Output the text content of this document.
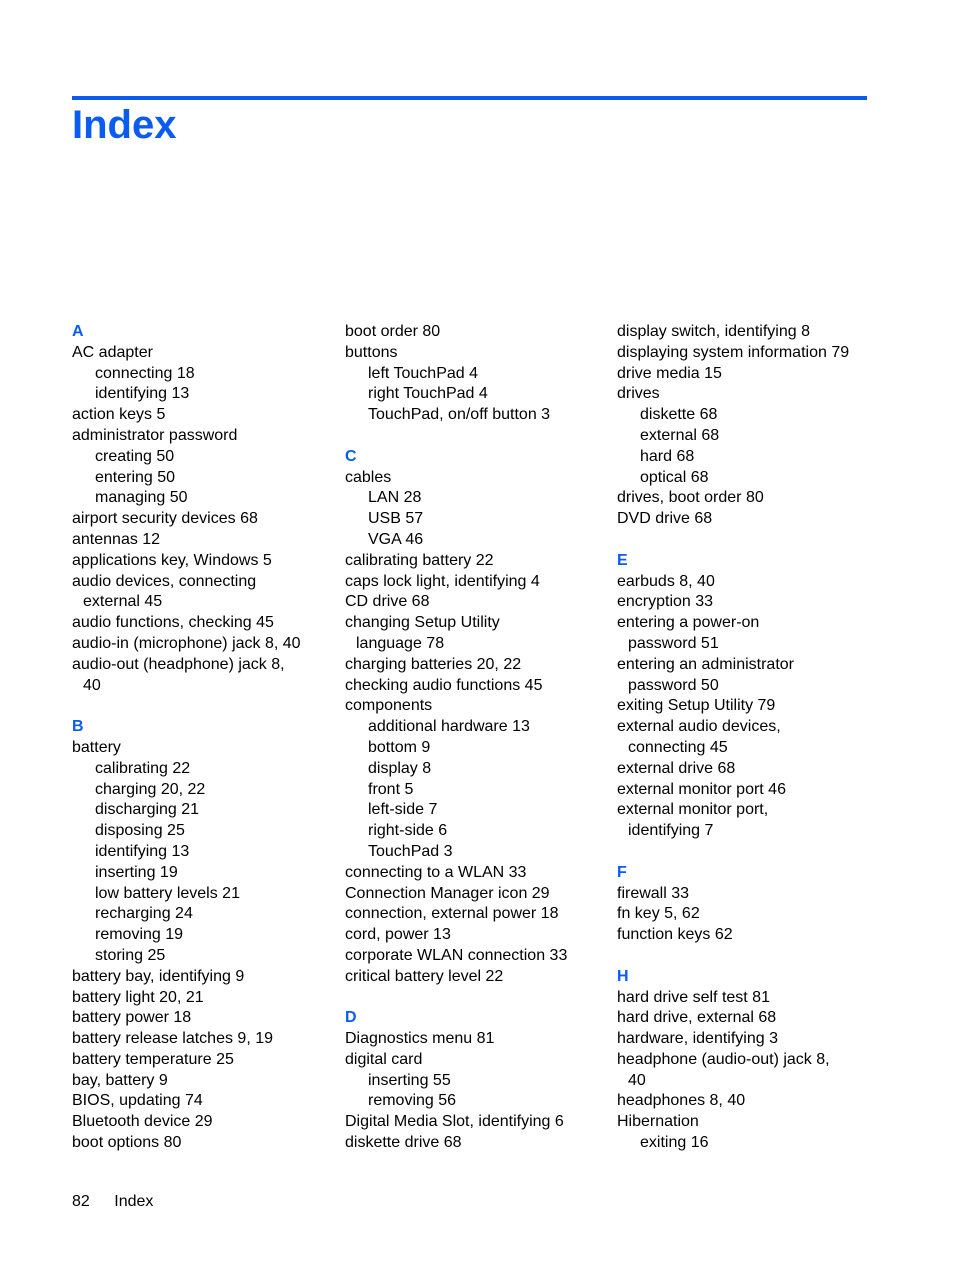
Index
A
AC adapter
connecting 18
identifying 13
action keys 5
administrator password
creating 50
entering 50
managing 50
airport security devices 68
antennas 12
applications key, Windows 5
audio devices, connecting
external 45
audio functions, checking 45
audio-in (microphone) jack 8, 40
audio-out (headphone) jack 8,
40
B
battery
calibrating 22
charging 20, 22
discharging 21
disposing 25
identifying 13
inserting 19
low battery levels 21
recharging 24
removing 19
storing 25
battery bay, identifying 9
battery light 20, 21
battery power 18
battery release latches 9, 19
battery temperature 25
bay, battery 9
BIOS, updating 74
Bluetooth device 29
boot options 80
boot order 80
buttons
left TouchPad 4
right TouchPad 4
TouchPad, on/off button 3
C
cables
LAN 28
USB 57
VGA 46
calibrating battery 22
caps lock light, identifying 4
CD drive 68
changing Setup Utility
language 78
charging batteries 20, 22
checking audio functions 45
components
additional hardware 13
bottom 9
display 8
front 5
left-side 7
right-side 6
TouchPad 3
connecting to a WLAN 33
Connection Manager icon 29
connection, external power 18
cord, power 13
corporate WLAN connection 33
critical battery level 22
D
Diagnostics menu 81
digital card
inserting 55
removing 56
Digital Media Slot, identifying 6
diskette drive 68
display switch, identifying 8
displaying system information 79
drive media 15
drives
diskette 68
external 68
hard 68
optical 68
drives, boot order 80
DVD drive 68
E
earbuds 8, 40
encryption 33
entering a power-on
password 51
entering an administrator
password 50
exiting Setup Utility 79
external audio devices,
connecting 45
external drive 68
external monitor port 46
external monitor port,
identifying 7
F
firewall 33
fn key 5, 62
function keys 62
H
hard drive self test 81
hard drive, external 68
hardware, identifying 3
headphone (audio-out) jack 8,
40
headphones 8, 40
Hibernation
exiting 16
82 Index
